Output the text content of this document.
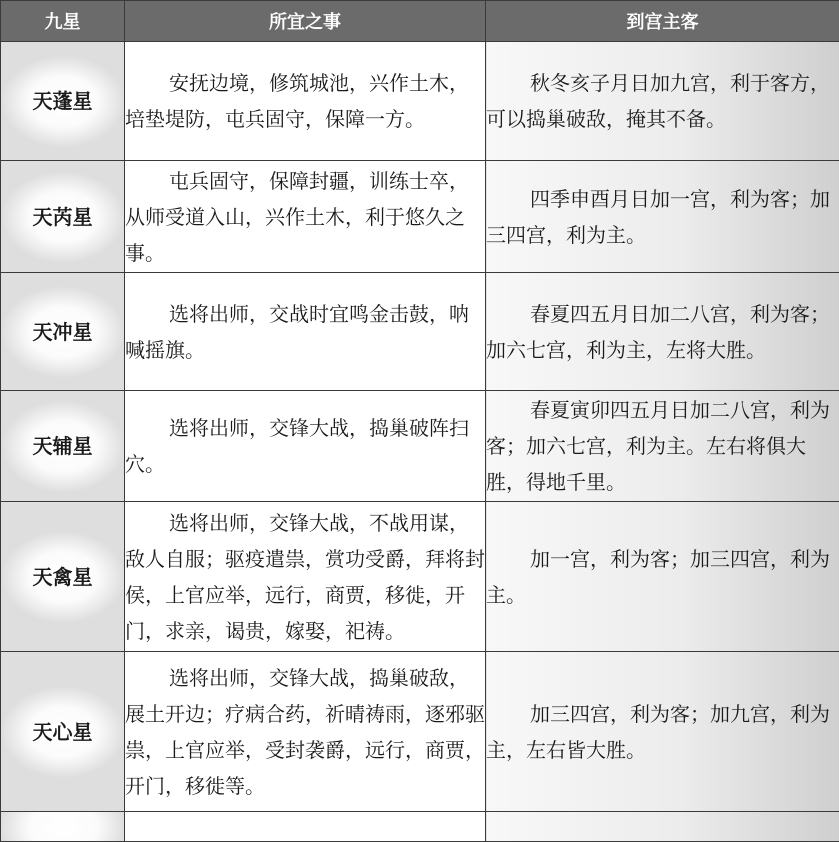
九星	所宜之事	到宫主客
天蓬星	安抚边境，修筑城池，兴作土木，培垫堤防，屯兵固守，保障一方。	秋冬亥子月日加九宫，利于客方，可以捣巢破敌，掩其不备。

天芮星	屯兵固守，保障封疆，训练士卒，从师受道入山，兴作土木，利于悠久之事。	四季申酉月日加一宫，利为客；加三四宫，利为主。

天冲星	选将出师，交战时宜鸣金击鼓，呐喊摇旗。	春夏四五月日加二八宫，利为客；加六七宫，利为主，左将大胜。

天辅星	选将出师，交锋大战，捣巢破阵扫穴。	春夏寅卯四五月日加二八宫，利为客；加六七宫，利为主。左右将俱大胜，得地千里。

天禽星	选将出师，交锋大战，不战用谋，敌人自服；驱疫遣祟，赏功受爵，拜将封侯，上官应举，远行，商贾，移徙，开门，求亲，谒贵，嫁娶，祀祷。	加一宫，利为客；加三四宫，利为主。

天心星	选将出师，交锋大战，捣巢破敌，展土开边；疗病合药，祈晴祷雨，逐邪驱祟，上官应举，受封袭爵，远行，商贾，开门，移徙等。	加三四宫，利为客；加九宫，利为主，左右皆大胜。
